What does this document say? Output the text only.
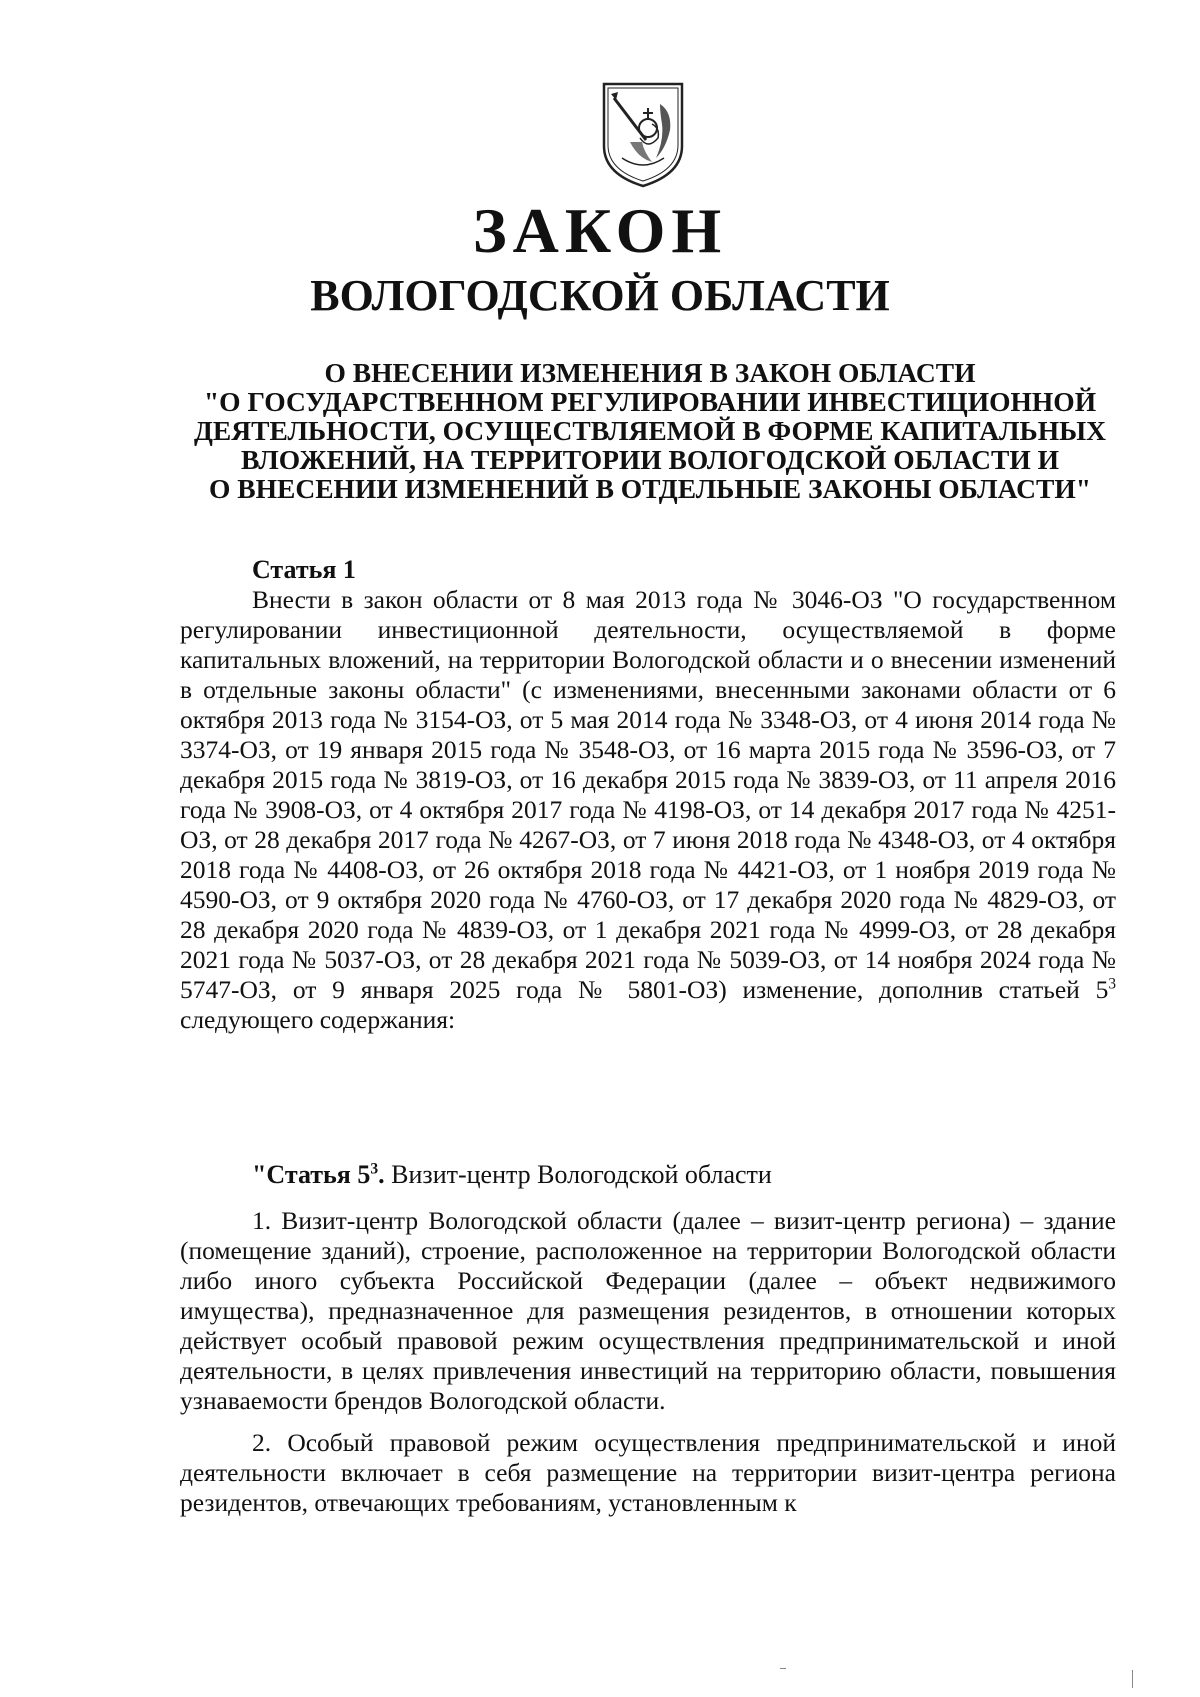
ЗАКОН
ВОЛОГОДСКОЙ ОБЛАСТИ
О ВНЕСЕНИИ ИЗМЕНЕНИЯ В ЗАКОН ОБЛАСТИ
"О ГОСУДАРСТВЕННОМ РЕГУЛИРОВАНИИ ИНВЕСТИЦИОННОЙ
ДЕЯТЕЛЬНОСТИ, ОСУЩЕСТВЛЯЕМОЙ В ФОРМЕ КАПИТАЛЬНЫХ
ВЛОЖЕНИЙ, НА ТЕРРИТОРИИ ВОЛОГОДСКОЙ ОБЛАСТИ И
О ВНЕСЕНИИ ИЗМЕНЕНИЙ В ОТДЕЛЬНЫЕ ЗАКОНЫ ОБЛАСТИ"
Статья 1

Внести в закон области от 8 мая 2013 года № 3046-ОЗ "О государственном регулировании инвестиционной деятельности, осуществляемой в форме капитальных вложений, на территории Вологодской области и о внесении изменений в отдельные законы области" (с изменениями, внесенными законами области от 6 октября 2013 года № 3154-ОЗ, от 5 мая 2014 года № 3348-ОЗ, от 4 июня 2014 года № 3374-ОЗ, от 19 января 2015 года № 3548-ОЗ, от 16 марта 2015 года № 3596-ОЗ, от 7 декабря 2015 года № 3819-ОЗ, от 16 декабря 2015 года № 3839-ОЗ, от 11 апреля 2016 года № 3908-ОЗ, от 4 октября 2017 года № 4198-ОЗ, от 14 декабря 2017 года № 4251-ОЗ, от 28 декабря 2017 года № 4267-ОЗ, от 7 июня 2018 года № 4348-ОЗ, от 4 октября 2018 года № 4408-ОЗ, от 26 октября 2018 года № 4421-ОЗ, от 1 ноября 2019 года № 4590-ОЗ, от 9 октября 2020 года № 4760-ОЗ, от 17 декабря 2020 года № 4829-ОЗ, от 28 декабря 2020 года № 4839-ОЗ, от 1 декабря 2021 года № 4999-ОЗ, от 28 декабря 2021 года № 5037-ОЗ, от 28 декабря 2021 года № 5039-ОЗ, от 14 ноября 2024 года № 5747-ОЗ, от 9 января 2025 года № 5801-ОЗ) изменение, дополнив статьей $5^3$ следующего содержания:

"Статья $5^3$. Визит-центр Вологодской области

1. Визит-центр Вологодской области (далее – визит-центр региона) – здание (помещение зданий), строение, расположенное на территории Вологодской области либо иного субъекта Российской Федерации (далее – объект недвижимого имущества), предназначенное для размещения резидентов, в отношении которых действует особый правовой режим осуществления предпринимательской и иной деятельности, в целях привлечения инвестиций на территорию области, повышения узнаваемости брендов Вологодской области.

2. Особый правовой режим осуществления предпринимательской и иной деятельности включает в себя размещение на территории визит-центра региона резидентов, отвечающих требованиям, установленным к
